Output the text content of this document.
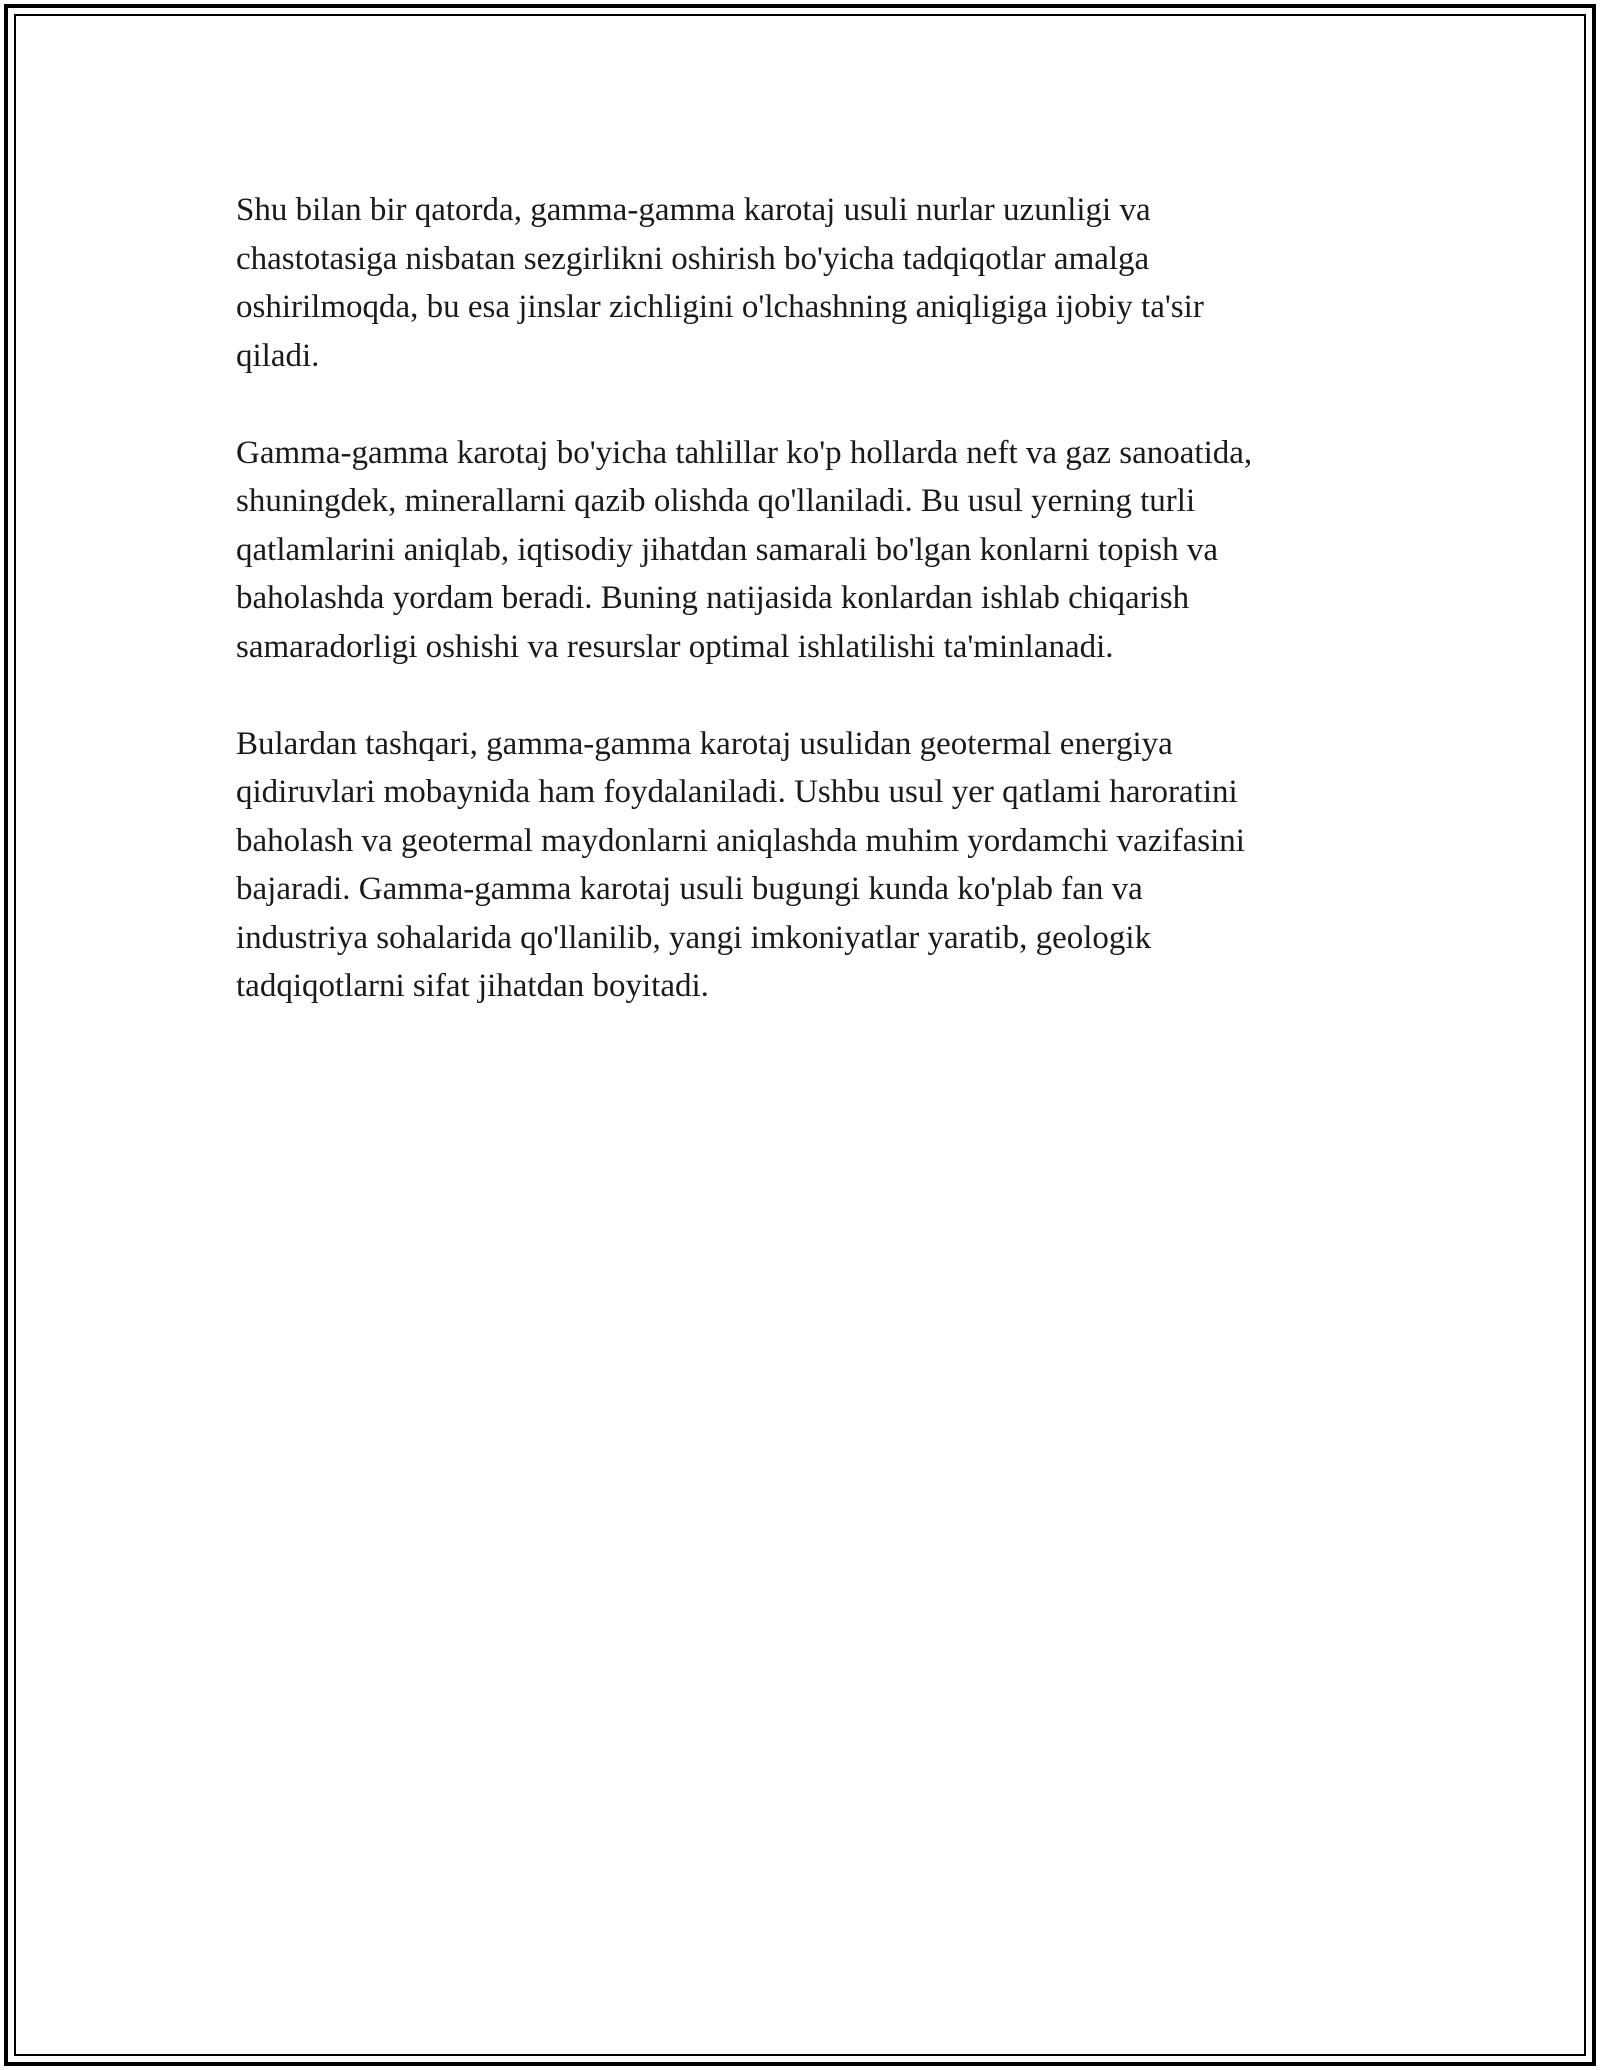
Shu bilan bir qatorda, gamma-gamma karotaj usuli nurlar uzunligi va
chastotasiga nisbatan sezgirlikni oshirish bo'yicha tadqiqotlar amalga
oshirilmoqda, bu esa jinslar zichligini o'lchashning aniqligiga ijobiy ta'sir
qiladi.

Gamma-gamma karotaj bo'yicha tahlillar ko'p hollarda neft va gaz sanoatida,
shuningdek, minerallarni qazib olishda qo'llaniladi. Bu usul yerning turli
qatlamlarini aniqlab, iqtisodiy jihatdan samarali bo'lgan konlarni topish va
baholashda yordam beradi. Buning natijasida konlardan ishlab chiqarish
samaradorligi oshishi va resurslar optimal ishlatilishi ta'minlanadi.

Bulardan tashqari, gamma-gamma karotaj usulidan geotermal energiya
qidiruvlari mobaynida ham foydalaniladi. Ushbu usul yer qatlami haroratini
baholash va geotermal maydonlarni aniqlashda muhim yordamchi vazifasini
bajaradi. Gamma-gamma karotaj usuli bugungi kunda ko'plab fan va
industriya sohalarida qo'llanilib, yangi imkoniyatlar yaratib, geologik
tadqiqotlarni sifat jihatdan boyitadi.
